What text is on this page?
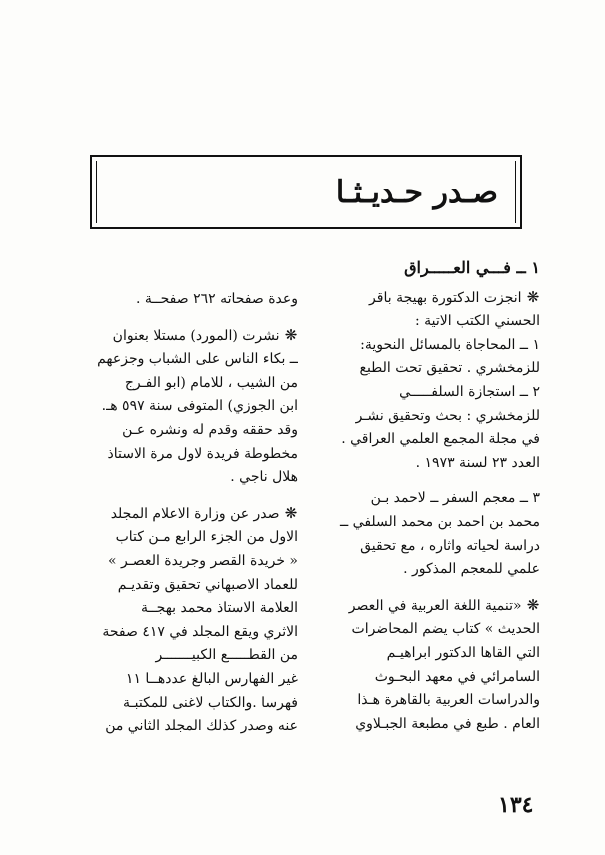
صـدر حـديـثـا
١ ــ فـــي العـــــراق

❋ انجزت الدكتورة بهيجة باقر
الحسني الكتب الاتية :
١ ــ المحاجاة بالمسائل النحوية:
للزمخشري . تحقيق تحت الطبع
٢ ــ استجازة السلفـــــي
للزمخشري : بحث وتحقيق نشـر
في مجلة المجمع العلمي العراقي .
العدد ٢٣ لسنة ١٩٧٣ .

٣ ــ معجم السفر ــ لاحمد بـن
محمد بن احمد بن محمد السلفي ــ
دراسة لحياته واثاره ، مع تحقيق
علمي للمعجم المذكور .

❋ «تنمية اللغة العربية في العصر
الحديث » كتاب يضم المحاضرات
التي القاها الدكتور ابراهيـم
السامرائي في معهد البحـوث
والدراسات العربية بالقاهرة هـذا
العام . طبع في مطبعة الجبـلاوي

وعدة صفحاته ٢٦٢ صفحــة .

❋ نشرت (المورد) مستلا بعنوان
ــ بكاء الناس على الشباب وجزعهم
من الشيب ، للامام (ابو الفـرج
ابن الجوزي) المتوفى سنة ٥٩٧ هـ.
وقد حققه وقدم له ونشره عـن
مخطوطة فريدة لاول مرة الاستاذ
هلال ناجي .

❋ صدر عن وزارة الاعلام المجلد
الاول من الجزء الرابع مـن كتاب
« خريدة القصر وجريدة العصـر »
للعماد الاصبهاني تحقيق وتقديـم
العلامة الاستاذ محمد بهجــة
الاثري ويقع المجلد في ٤١٧ صفحة
من القطـــــع الكبيـــــــر
غير الفهارس البالغ عددهــا ١١
فهرسا .والكتاب لاغنى للمكتبـة
عنه وصدر كذلك المجلد الثاني من

١٣٤
